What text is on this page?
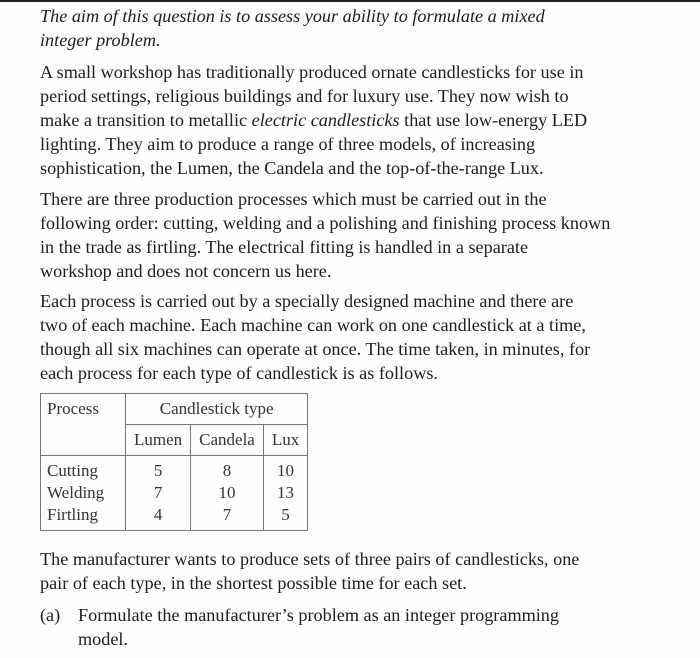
The aim of this question is to assess your ability to formulate a mixed
integer problem.
A small workshop has traditionally produced ornate candlesticks for use in
period settings, religious buildings and for luxury use. They now wish to
make a transition to metallic electric candlesticks that use low-energy LED
lighting. They aim to produce a range of three models, of increasing
sophistication, the Lumen, the Candela and the top-of-the-range Lux.
There are three production processes which must be carried out in the
following order: cutting, welding and a polishing and finishing process known
in the trade as firtling. The electrical fitting is handled in a separate
workshop and does not concern us here.
Each process is carried out by a specially designed machine and there are
two of each machine. Each machine can work on one candlestick at a time,
though all six machines can operate at once. The time taken, in minutes, for
each process for each type of candlestick is as follows.
Process	Candlestick type		
	Lumen	Candela	Lux
Cutting	5	8	10
Welding	7	10	13
Firtling	4	7	5
The manufacturer wants to produce sets of three pairs of candlesticks, one
pair of each type, in the shortest possible time for each set.
(a) Formulate the manufacturer’s problem as an integer programming
model.
